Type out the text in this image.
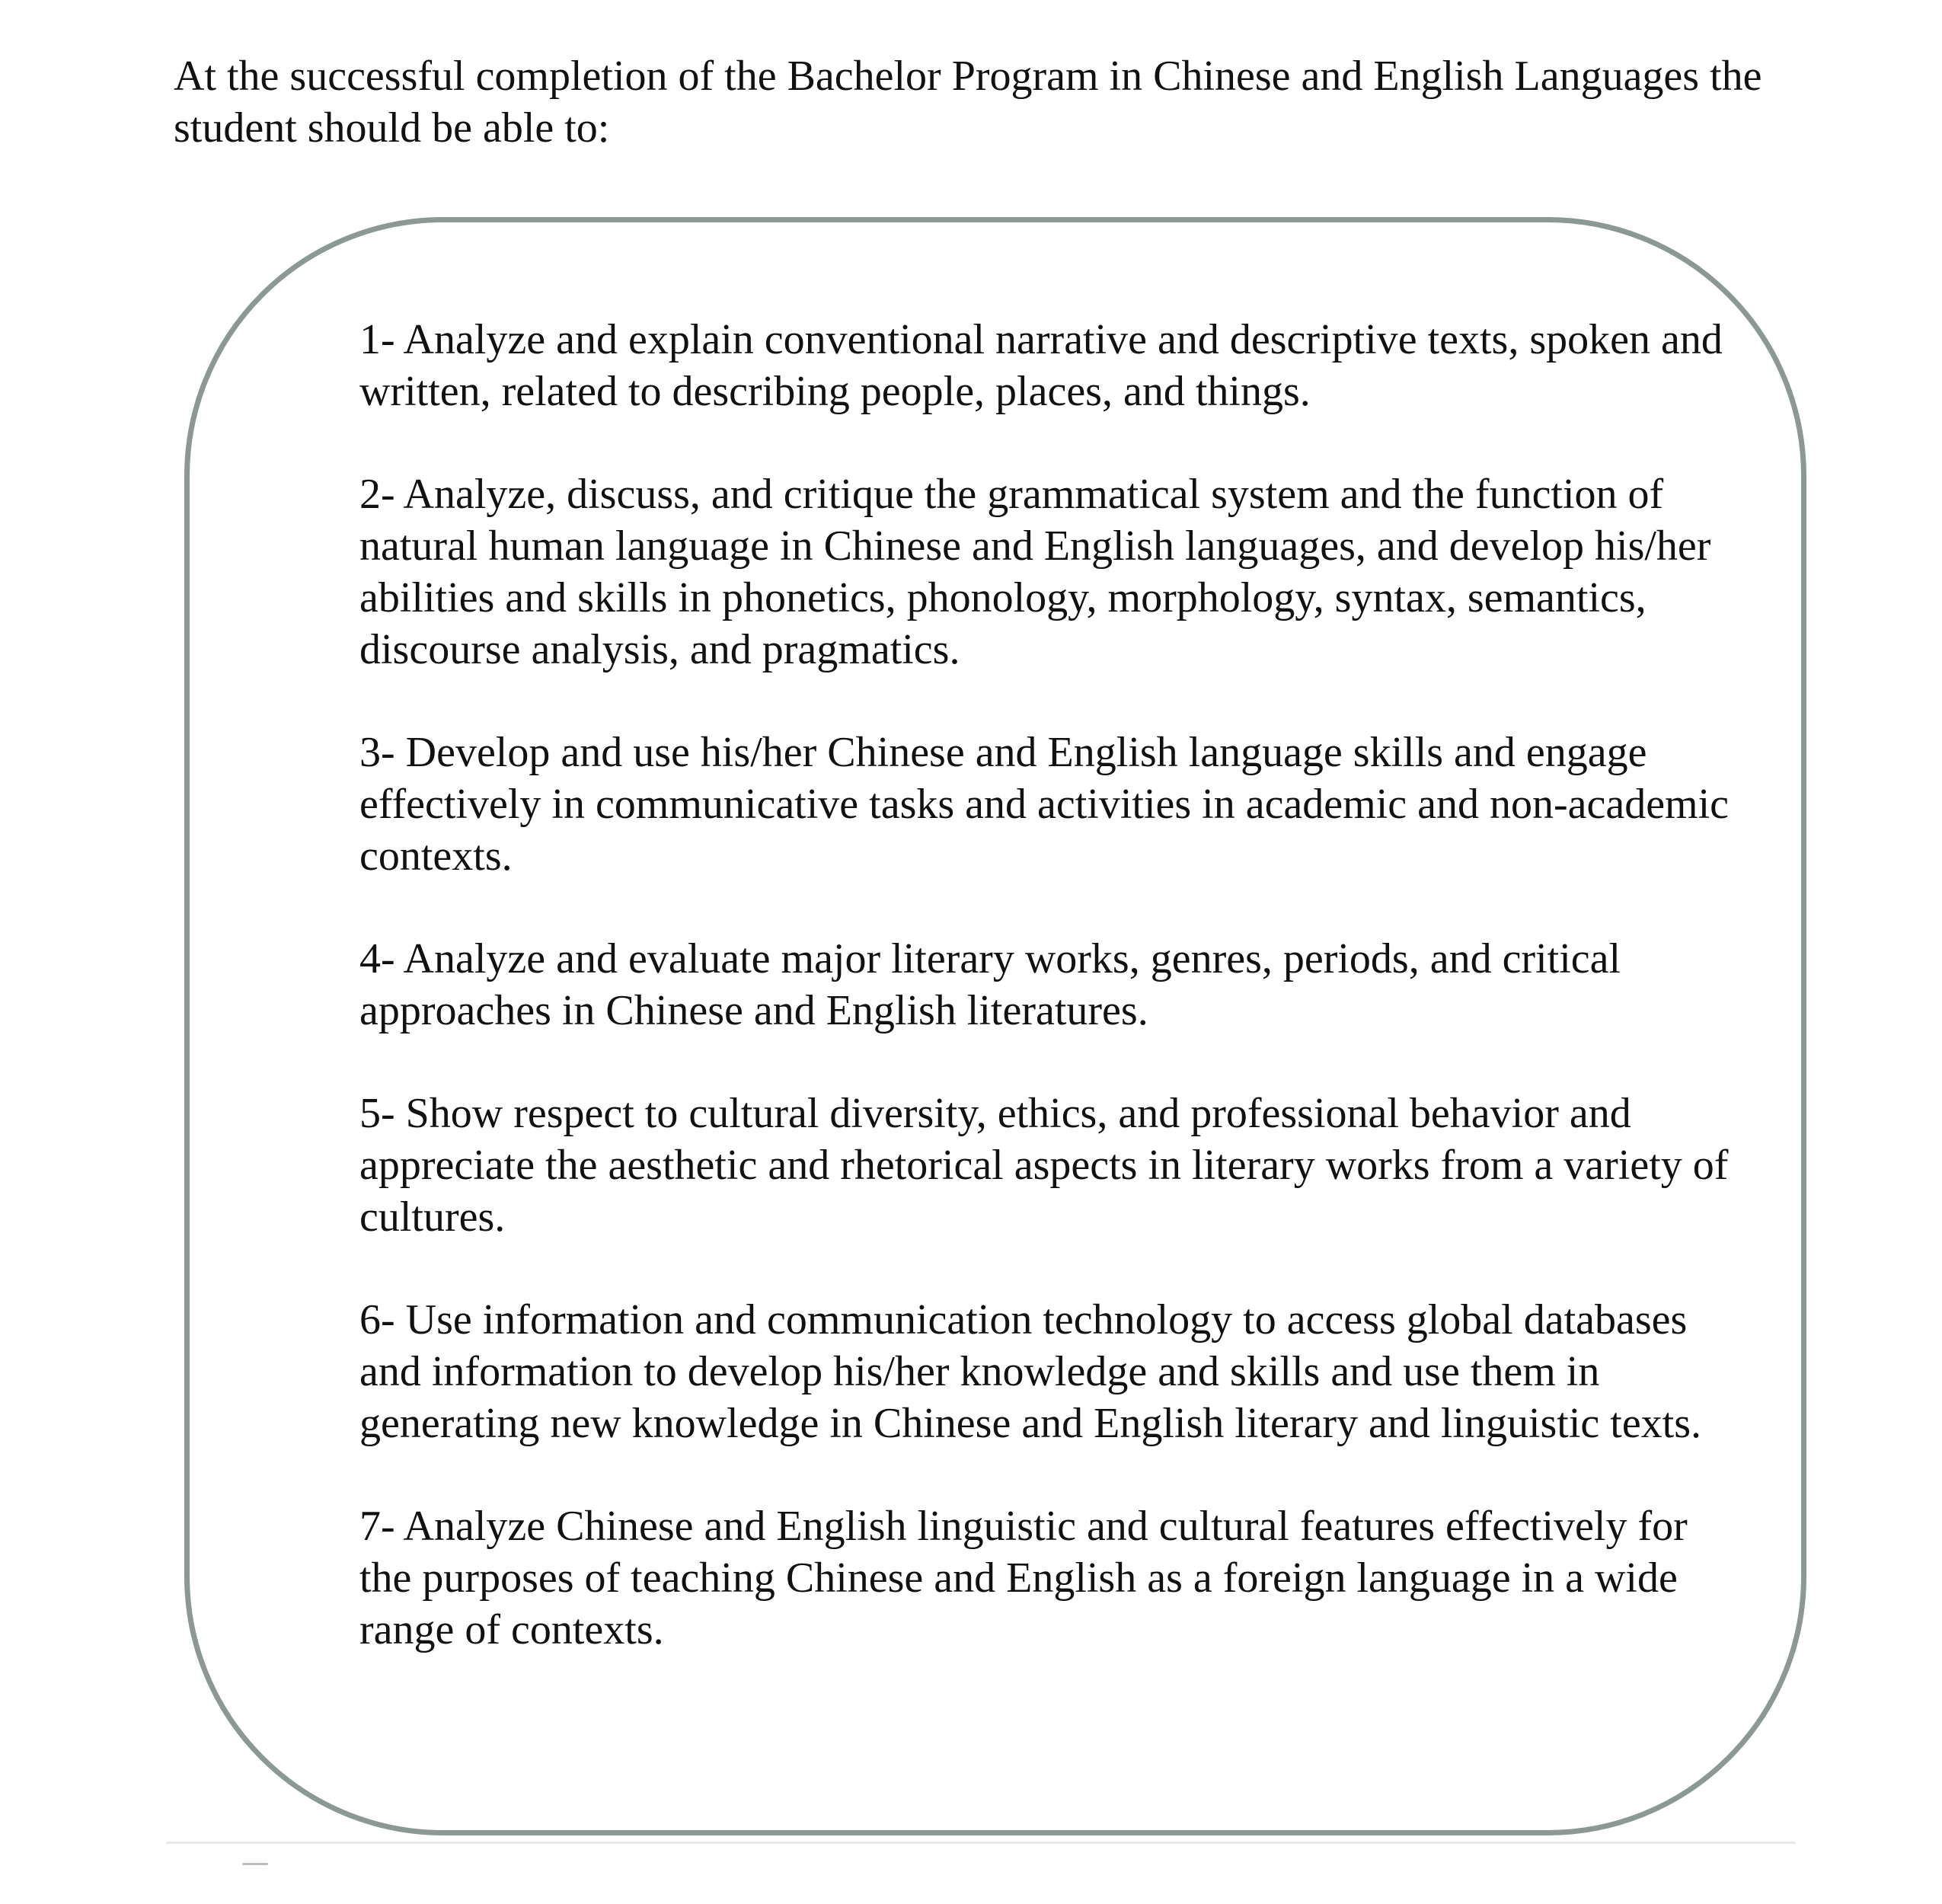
At the successful completion of the Bachelor Program in Chinese and English Languages the student should be able to:

1- Analyze and explain conventional narrative and descriptive texts, spoken and written, related to describing people, places, and things.
2- Analyze, discuss, and critique the grammatical system and the function of natural human language in Chinese and English languages, and develop his/her abilities and skills in phonetics, phonology, morphology, syntax, semantics, discourse analysis, and pragmatics.
3- Develop and use his/her Chinese and English language skills and engage effectively in communicative tasks and activities in academic and non-academic contexts.
4- Analyze and evaluate major literary works, genres, periods, and critical approaches in Chinese and English literatures.
5- Show respect to cultural diversity, ethics, and professional behavior and appreciate the aesthetic and rhetorical aspects in literary works from a variety of cultures.
6- Use information and communication technology to access global databases and information to develop his/her knowledge and skills and use them in generating new knowledge in Chinese and English literary and linguistic texts.
7- Analyze Chinese and English linguistic and cultural features effectively for the purposes of teaching Chinese and English as a foreign language in a wide range of contexts.
